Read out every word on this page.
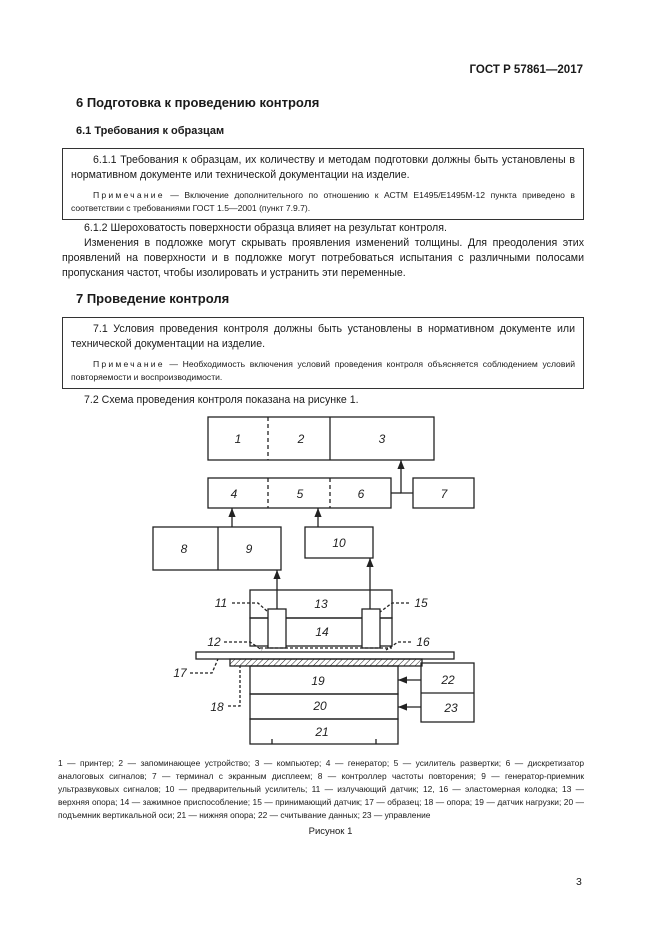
ГОСТ Р 57861—2017
6 Подготовка к проведению контроля
6.1 Требования к образцам
6.1.1 Требования к образцам, их количеству и методам подготовки должны быть установлены в нормативном документе или технической документации на изделие.
Примечание — Включение дополнительного по отношению к АСТМ Е1495/Е1495М-12 пункта приведено в соответствии с требованиями ГОСТ 1.5—2001 (пункт 7.9.7).
6.1.2 Шероховатость поверхности образца влияет на результат контроля.
Изменения в подложке могут скрывать проявления изменений толщины. Для преодоления этих проявлений на поверхности и в подложке могут потребоваться испытания с различными полосами пропускания частот, чтобы изолировать и устранить эти переменные.
7 Проведение контроля
7.1 Условия проведения контроля должны быть установлены в нормативном документе или технической документации на изделие.
Примечание — Необходимость включения условий проведения контроля объясняется соблюдением условий повторяемости и воспроизводимости.
7.2 Схема проведения контроля показана на рисунке 1.
1	2	3
4	5	6	7
8	9	10
11	13	15
14
12	16
17
19	22
18	20	23
21
1 — принтер; 2 — запоминающее устройство; 3 — компьютер; 4 — генератор; 5 — усилитель развертки; 6 — дискретизатор аналоговых сигналов; 7 — терминал с экранным дисплеем; 8 — контроллер частоты повторения; 9 — генератор-приемник ультразвуковых сигналов; 10 — предварительный усилитель; 11 — излучающий датчик; 12, 16 — эластомерная колодка; 13 — верхняя опора; 14 — зажимное приспособление; 15 — принимающий датчик; 17 — образец; 18 — опора; 19 — датчик нагрузки; 20 — подъемник вертикальной оси; 21 — нижняя опора; 22 — считывание данных; 23 — управление
Рисунок 1
3
